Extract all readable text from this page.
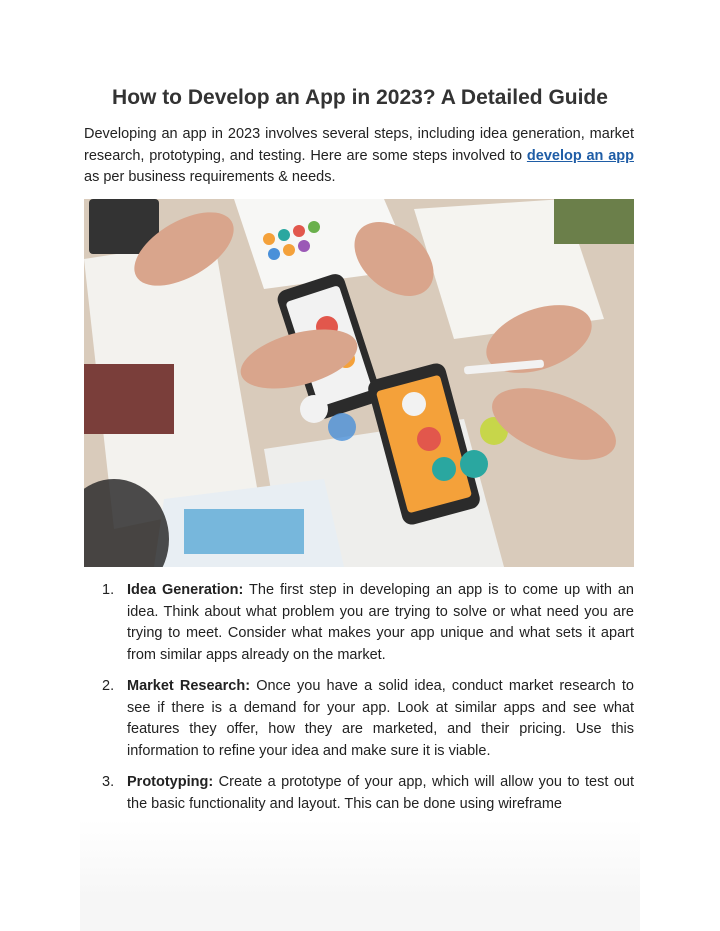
How to Develop an App in 2023? A Detailed Guide

Developing an app in 2023 involves several steps, including idea generation, market research, prototyping, and testing. Here are some steps involved to develop an app as per business requirements & needs.

1. Idea Generation: The first step in developing an app is to come up with an idea. Think about what problem you are trying to solve or what need you are trying to meet. Consider what makes your app unique and what sets it apart from similar apps already on the market.
2. Market Research: Once you have a solid idea, conduct market research to see if there is a demand for your app. Look at similar apps and see what features they offer, how they are marketed, and their pricing. Use this information to refine your idea and make sure it is viable.
3. Prototyping: Create a prototype of your app, which will allow you to test out the basic functionality and layout. This can be done using wireframe
